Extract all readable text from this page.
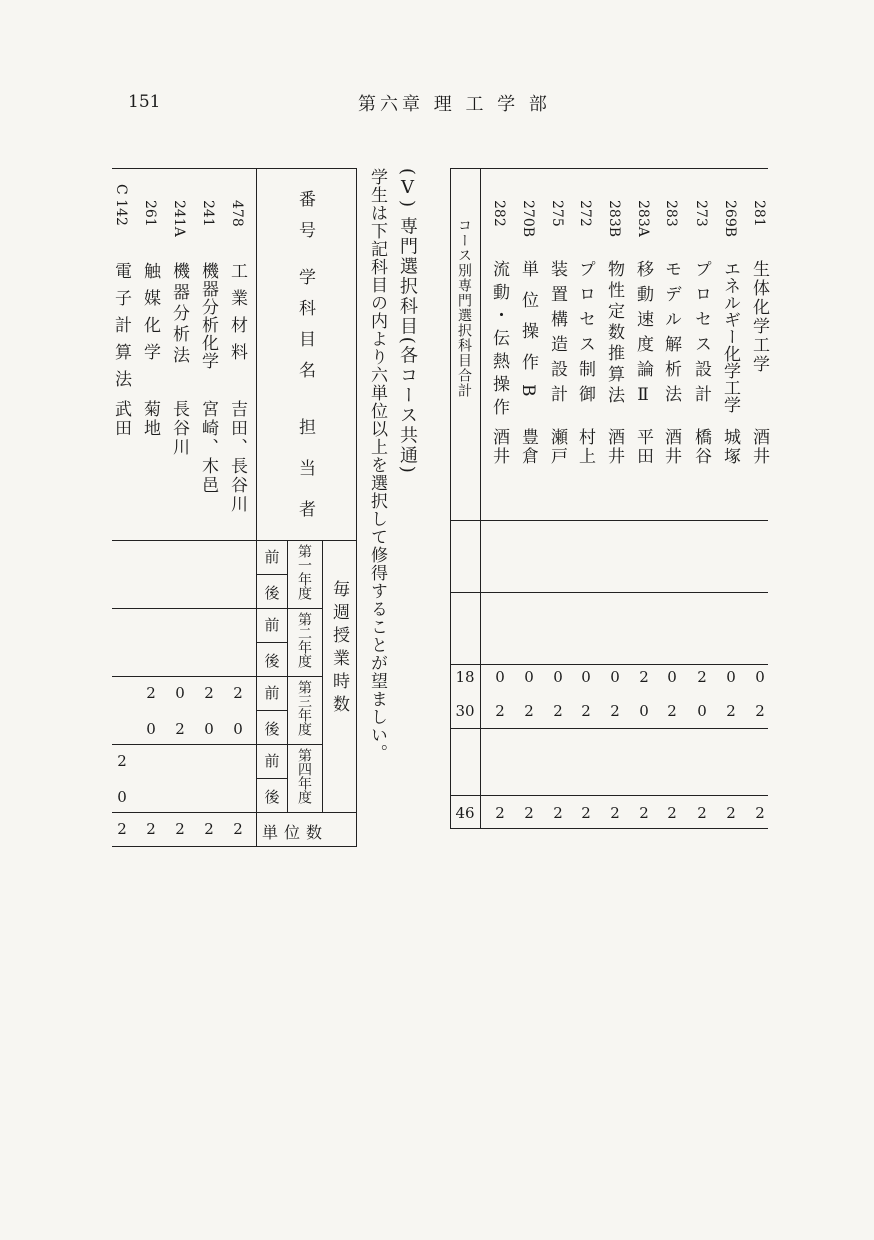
151	第六章 理 工 学 部
コース別専門選択科目合計
18
30
46
281
生体化学工学
酒井
0
2
2
269B
エネルギー化学工学
城塚
0
2
2
273
プロセス設計
橋谷
2
0
2
283
モデル解析法
酒井
0
2
2
283A
移動速度論Ⅱ
平田
2
0
2
283B
物性定数推算法
酒井
0
2
2
272
プロセス制御
村上
0
2
2
275
装置構造設計
瀬戸
0
2
2
270B
単位操作B
豊倉
0
2
2
282
流動・伝熱操作
酒井
0
2
2
(Ⅴ) 専門選択科目(各コース共通)
学生は下記科目の内より六単位以上を選択して修得することが望ましい。
番号
学科目名
担当者
毎週授業時数
第一年度
第二年度
第三年度
第四年度
前
後
前
後
前
後
前
後
単位数
478
工業材料
吉田、長谷川
2
0
2
241
機器分析化学
宮崎、木邑
2
0
2
241A
機器分析法
長谷川
0
2
2
261
触媒化学
菊地
2
0
2
C 142
電子計算法
武田
2
0
2
